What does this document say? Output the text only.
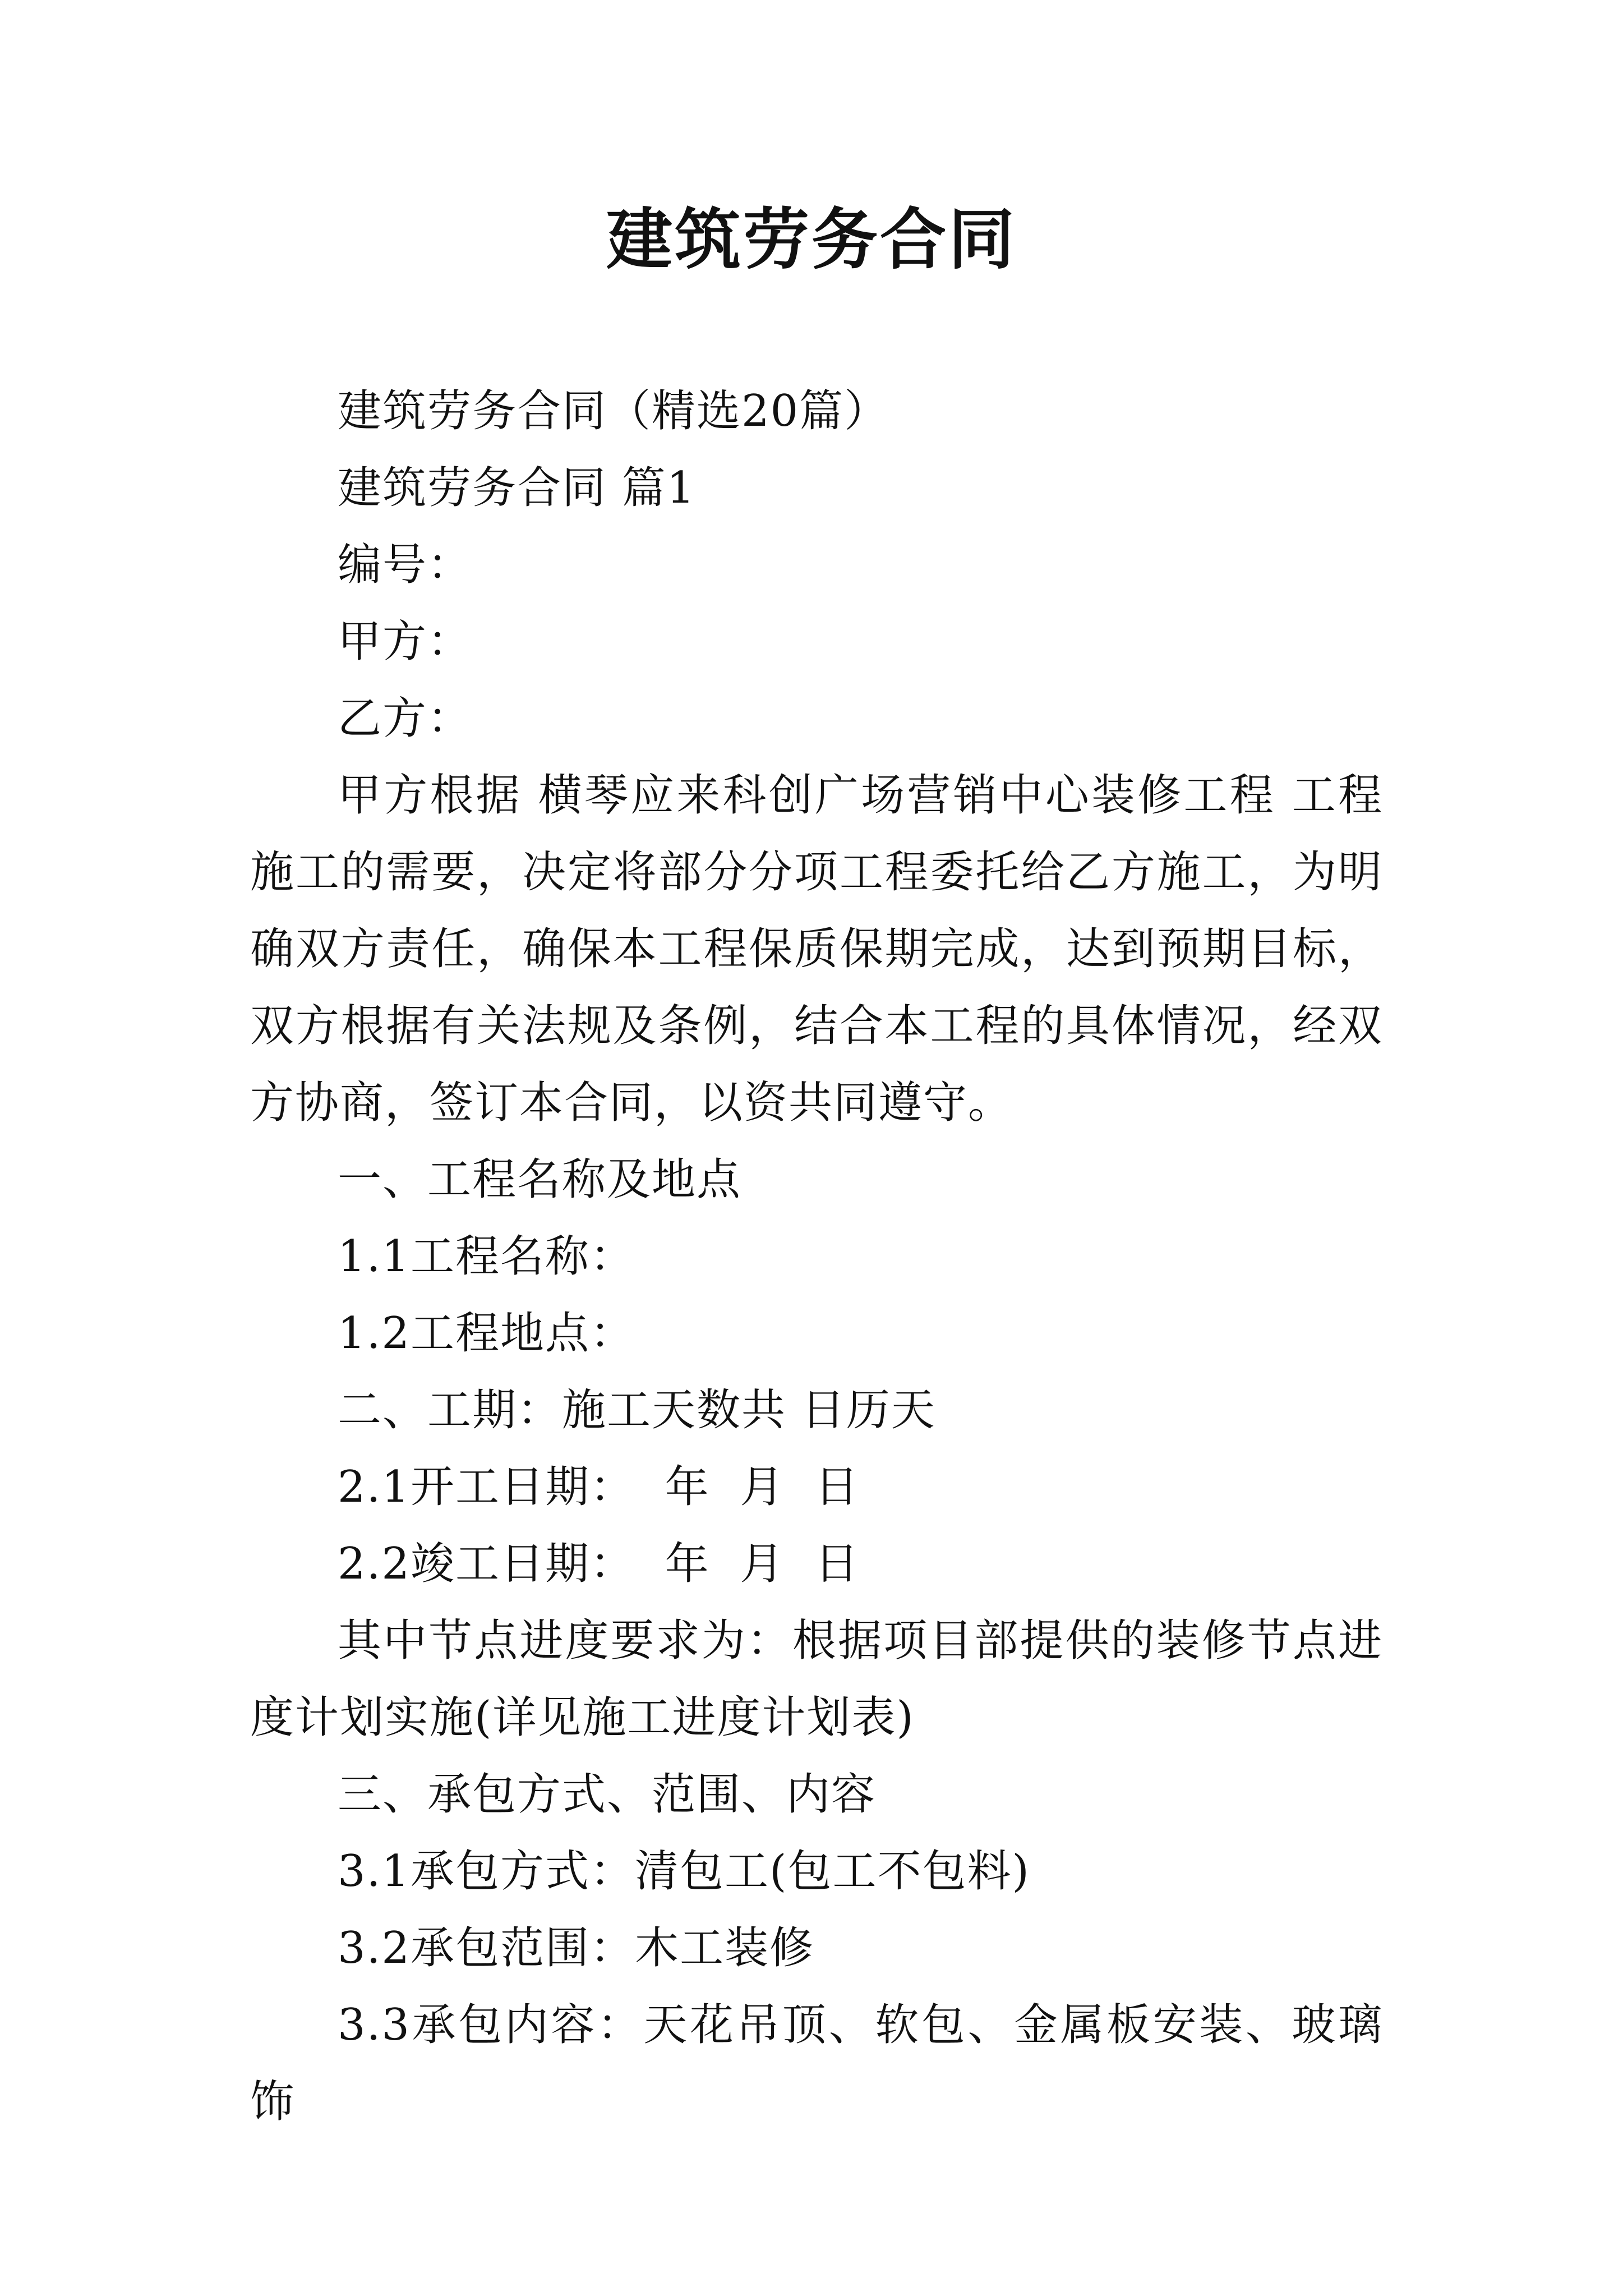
建筑劳务合同

建筑劳务合同（精选20篇）

建筑劳务合同 篇1

编号：

甲方：

乙方：

甲方根据 横琴应来科创广场营销中心装修工程 工程施工的需要，决定将部分分项工程委托给乙方施工，为明确双方责任，确保本工程保质保期完成，达到预期目标，双方根据有关法规及条例，结合本工程的具体情况，经双方协商，签订本合同，以资共同遵守。

一、工程名称及地点

1.1工程名称：

1.2工程地点：

二、工期：施工天数共 日历天

2.1开工日期：  年  月  日

2.2竣工日期：  年  月  日

其中节点进度要求为：根据项目部提供的装修节点进度计划实施(详见施工进度计划表)

三、承包方式、范围、内容

3.1承包方式：清包工(包工不包料)

3.2承包范围：木工装修

3.3承包内容：天花吊顶、软包、金属板安装、玻璃饰
